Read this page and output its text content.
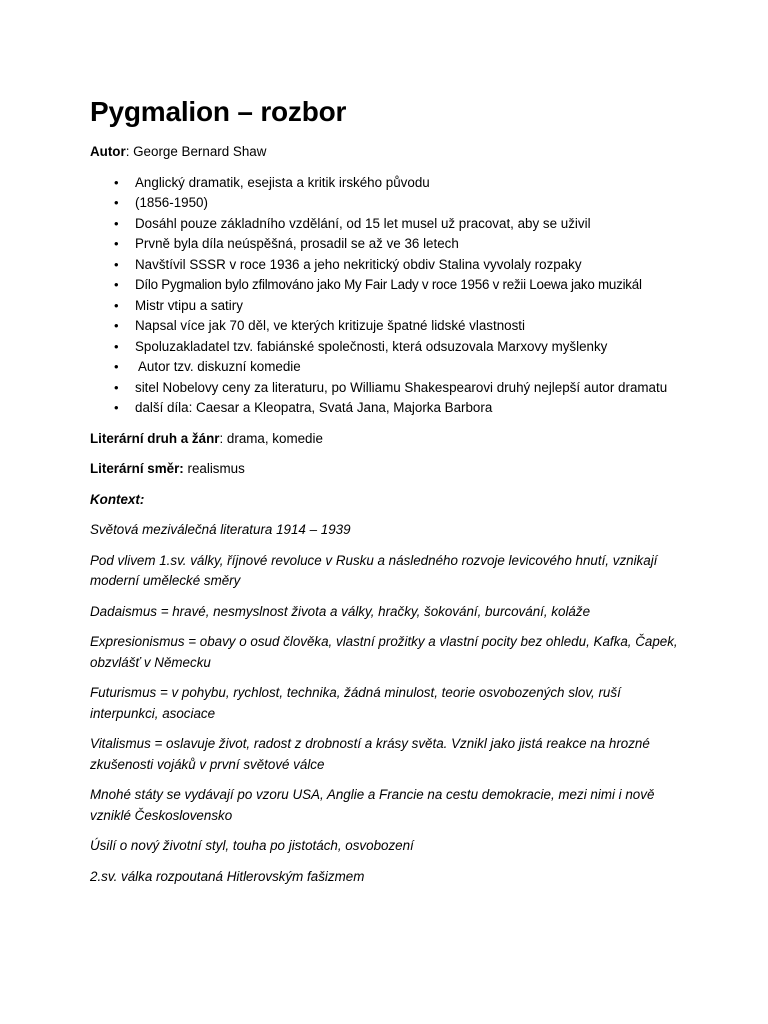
Pygmalion – rozbor
Autor: George Bernard Shaw
• Anglický dramatik, esejista a kritik irského původu
• (1856-1950)
• Dosáhl pouze základního vzdělání, od 15 let musel už pracovat, aby se uživil
• Prvně byla díla neúspěšná, prosadil se až ve 36 letech
• Navštívil SSSR v roce 1936 a jeho nekritický obdiv Stalina vyvolaly rozpaky
• Dílo Pygmalion bylo zfilmováno jako My Fair Lady v roce 1956 v režii Loewa jako muzikál
• Mistr vtipu a satiry
• Napsal více jak 70 děl, ve kterých kritizuje špatné lidské vlastnosti
• Spoluzakladatel tzv. fabiánské společnosti, která odsuzovala Marxovy myšlenky
• Autor tzv. diskuzní komedie
• sitel Nobelovy ceny za literaturu, po Williamu Shakespearovi druhý nejlepší autor dramatu
• další díla: Caesar a Kleopatra, Svatá Jana, Majorka Barbora
Literární druh a žánr: drama, komedie
Literární směr: realismus
Kontext:
Světová meziválečná literatura 1914 – 1939
Pod vlivem 1.sv. války, říjnové revoluce v Rusku a následného rozvoje levicového hnutí, vznikají moderní umělecké směry
Dadaismus = hravé, nesmyslnost života a války, hračky, šokování, burcování, koláže
Expresionismus = obavy o osud člověka, vlastní prožitky a vlastní pocity bez ohledu, Kafka, Čapek, obzvlášť v Německu
Futurismus = v pohybu, rychlost, technika, žádná minulost, teorie osvobozených slov, ruší interpunkci, asociace
Vitalismus = oslavuje život, radost z drobností a krásy světa. Vznikl jako jistá reakce na hrozné zkušenosti vojáků v první světové válce
Mnohé státy se vydávají po vzoru USA, Anglie a Francie na cestu demokracie, mezi nimi i nově vzniklé Československo
Úsilí o nový životní styl, touha po jistotách, osvobození
2.sv. válka rozpoutaná Hitlerovským fašizmem
